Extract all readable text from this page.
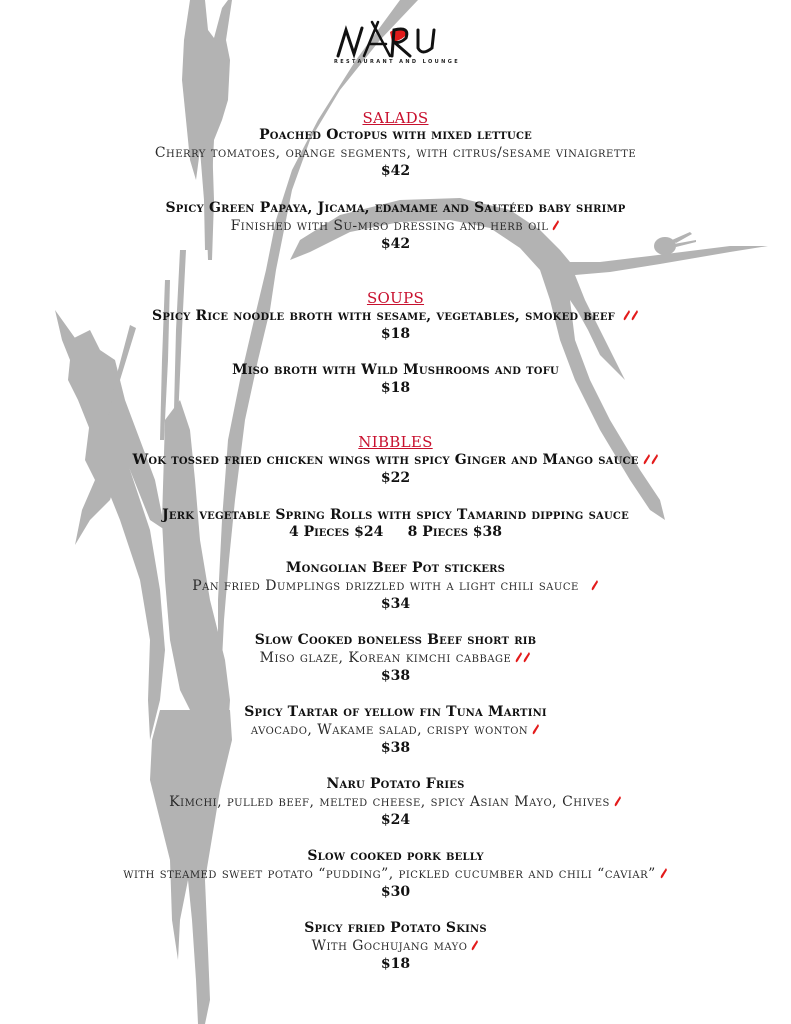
RESTAURANT AND LOUNGE
SALADS
Poached Octopus with mixed lettuce
Cherry tomatoes, orange segments, with citrus/sesame vinaigrette
$42
Spicy Green Papaya, Jicama, edamame and Sautéed baby shrimp
Finished with Su-miso dressing and herb oil
$42
SOUPS
Spicy Rice noodle broth with sesame, vegetables, smoked beef
$18
Miso broth with Wild Mushrooms and tofu
$18
NIBBLES
Wok tossed fried chicken wings with spicy Ginger and Mango sauce
$22
Jerk vegetable Spring Rolls with spicy Tamarind dipping sauce
4 Pieces $24     8 Pieces $38
Mongolian Beef Pot stickers
Pan fried Dumplings drizzled with a light chili sauce
$34
Slow Cooked boneless Beef short rib
Miso glaze, Korean kimchi cabbage
$38
Spicy Tartar of yellow fin Tuna Martini
avocado, Wakame salad, crispy wonton
$38
Naru Potato Fries
Kimchi, pulled beef, melted cheese, spicy Asian Mayo, Chives
$24
Slow cooked pork belly
with steamed sweet potato “pudding”, pickled cucumber and chili “caviar”
$30
Spicy fried Potato Skins
With Gochujang mayo
$18
